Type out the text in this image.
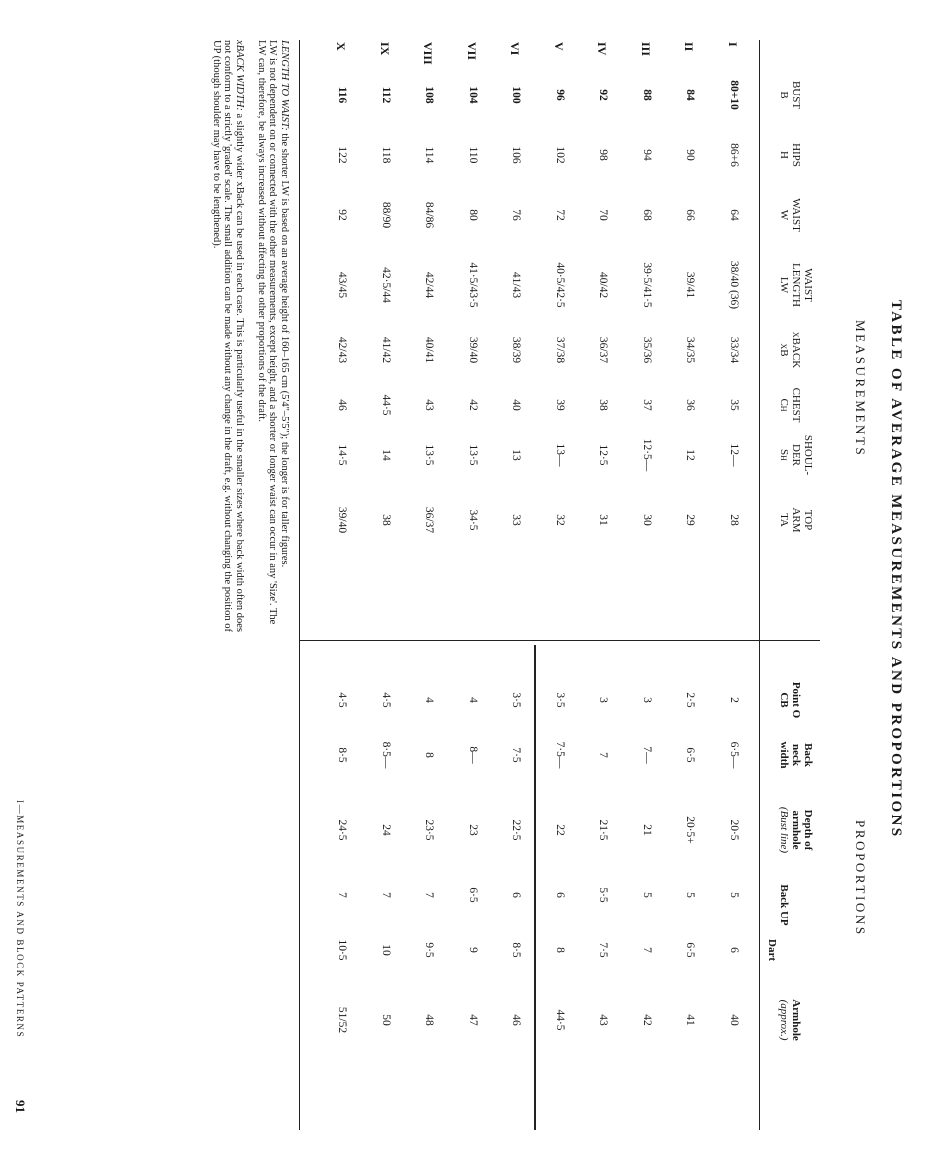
TABLE OF AVERAGE MEASUREMENTS AND PROPORTIONS
MEASUREMENTS
PROPORTIONS
BUST
B
HIPS
H
WAIST
W
WAIST
LENGTH
LW
xBACK
xB
CHEST
Ch
SHOUL-
DER
Sh
TOP
ARM
TA
Point O
CB
Back
neck
width
Depth of
armhole
(Bust line)
Back UP
Dart
Armhole
(approx.)
I
80+10
86+6
64
38/40 (36)
33/34
35
12—
28
2
6·5—
20·5
5
6
40
II
84
90
66
39/41
34/35
36
12
29
2·5
6·5
20·5+
5
6·5
41
III
88
94
68
39·5/41·5
35/36
37
12·5—
30
3
7—
21
5
7
42
IV
92
98
70
40/42
36/37
38
12·5
31
3
7
21·5
5·5
7·5
43
V
96
102
72
40·5/42·5
37/38
39
13—
32
3·5
7·5—
22
6
8
44·5
VI
100
106
76
41/43
38/39
40
13
33
3·5
7·5
22·5
6
8·5
46
VII
104
110
80
41·5/43·5
39/40
42
13·5
34·5
4
8—
23
6·5
9
47
VIII
108
114
84/86
42/44
40/41
43
13·5
36/37
4
8
23·5
7
9·5
48
IX
112
118
88/90
42·5/44
41/42
44·5
14
38
4·5
8·5—
24
7
10
50
X
116
122
92
43/45
42/43
46
14·5
39/40
4·5
8·5
24·5
7
10·5
51/52
LENGTH TO WAIST: the shorter LW is based on an average height of 160–165 cm (5'4"–5'5"); the longer is for taller figures.
LW is not dependent on or connected with the other measurements, except height, and a shorter or longer waist can occur in any 'Size'. The
LW can, therefore, be always increased without affecting the other proportions of the draft.
xBACK WIDTH: a slightly wider xBack can be used in each case. This is particularly useful in the smaller sizes where back width often does
not conform to a strictly 'graded' scale. The small addition can be made without any change in the draft, e.g. without changing the position of
UP (though shoulder may have to be lengthened).
I—MEASUREMENTS AND BLOCK PATTERNS
91
